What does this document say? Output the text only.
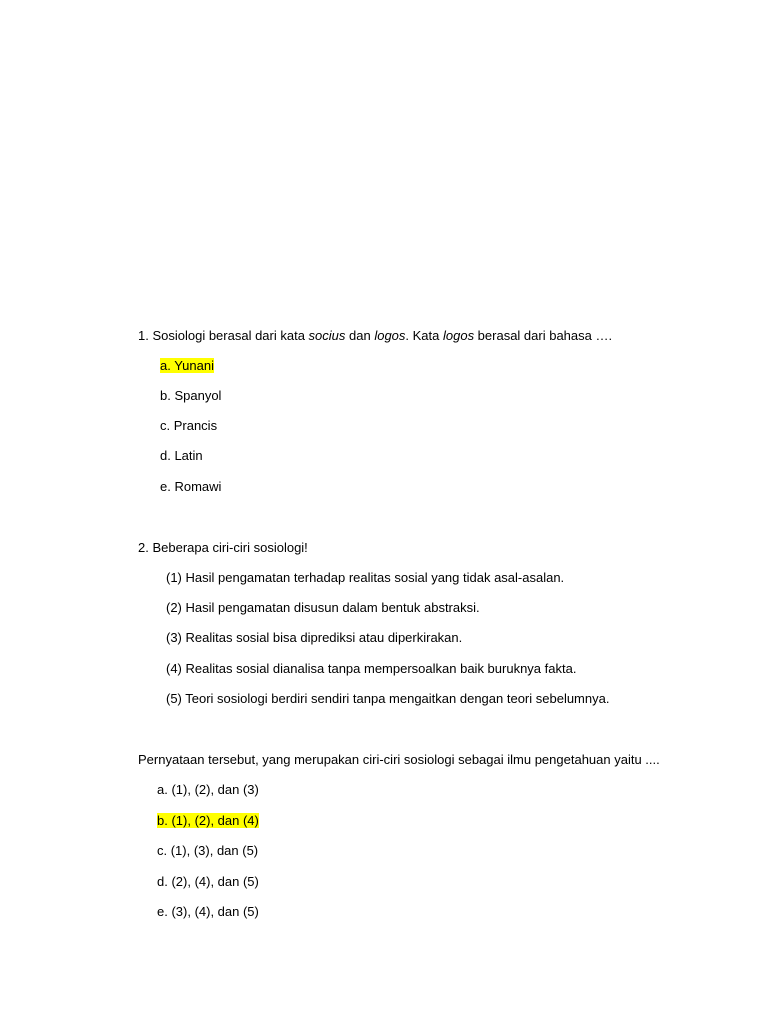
1. Sosiologi berasal dari kata socius dan logos. Kata logos berasal dari bahasa ….
a. Yunani
b. Spanyol
c. Prancis
d. Latin
e. Romawi
2. Beberapa ciri-ciri sosiologi!
(1) Hasil pengamatan terhadap realitas sosial yang tidak asal-asalan.
(2) Hasil pengamatan disusun dalam bentuk abstraksi.
(3) Realitas sosial bisa diprediksi atau diperkirakan.
(4) Realitas sosial dianalisa tanpa mempersoalkan baik buruknya fakta.
(5) Teori sosiologi berdiri sendiri tanpa mengaitkan dengan teori sebelumnya.
Pernyataan tersebut, yang merupakan ciri-ciri sosiologi sebagai ilmu pengetahuan yaitu ....
a. (1), (2), dan (3)
b. (1), (2), dan (4)
c. (1), (3), dan (5)
d. (2), (4), dan (5)
e. (3), (4), dan (5)
